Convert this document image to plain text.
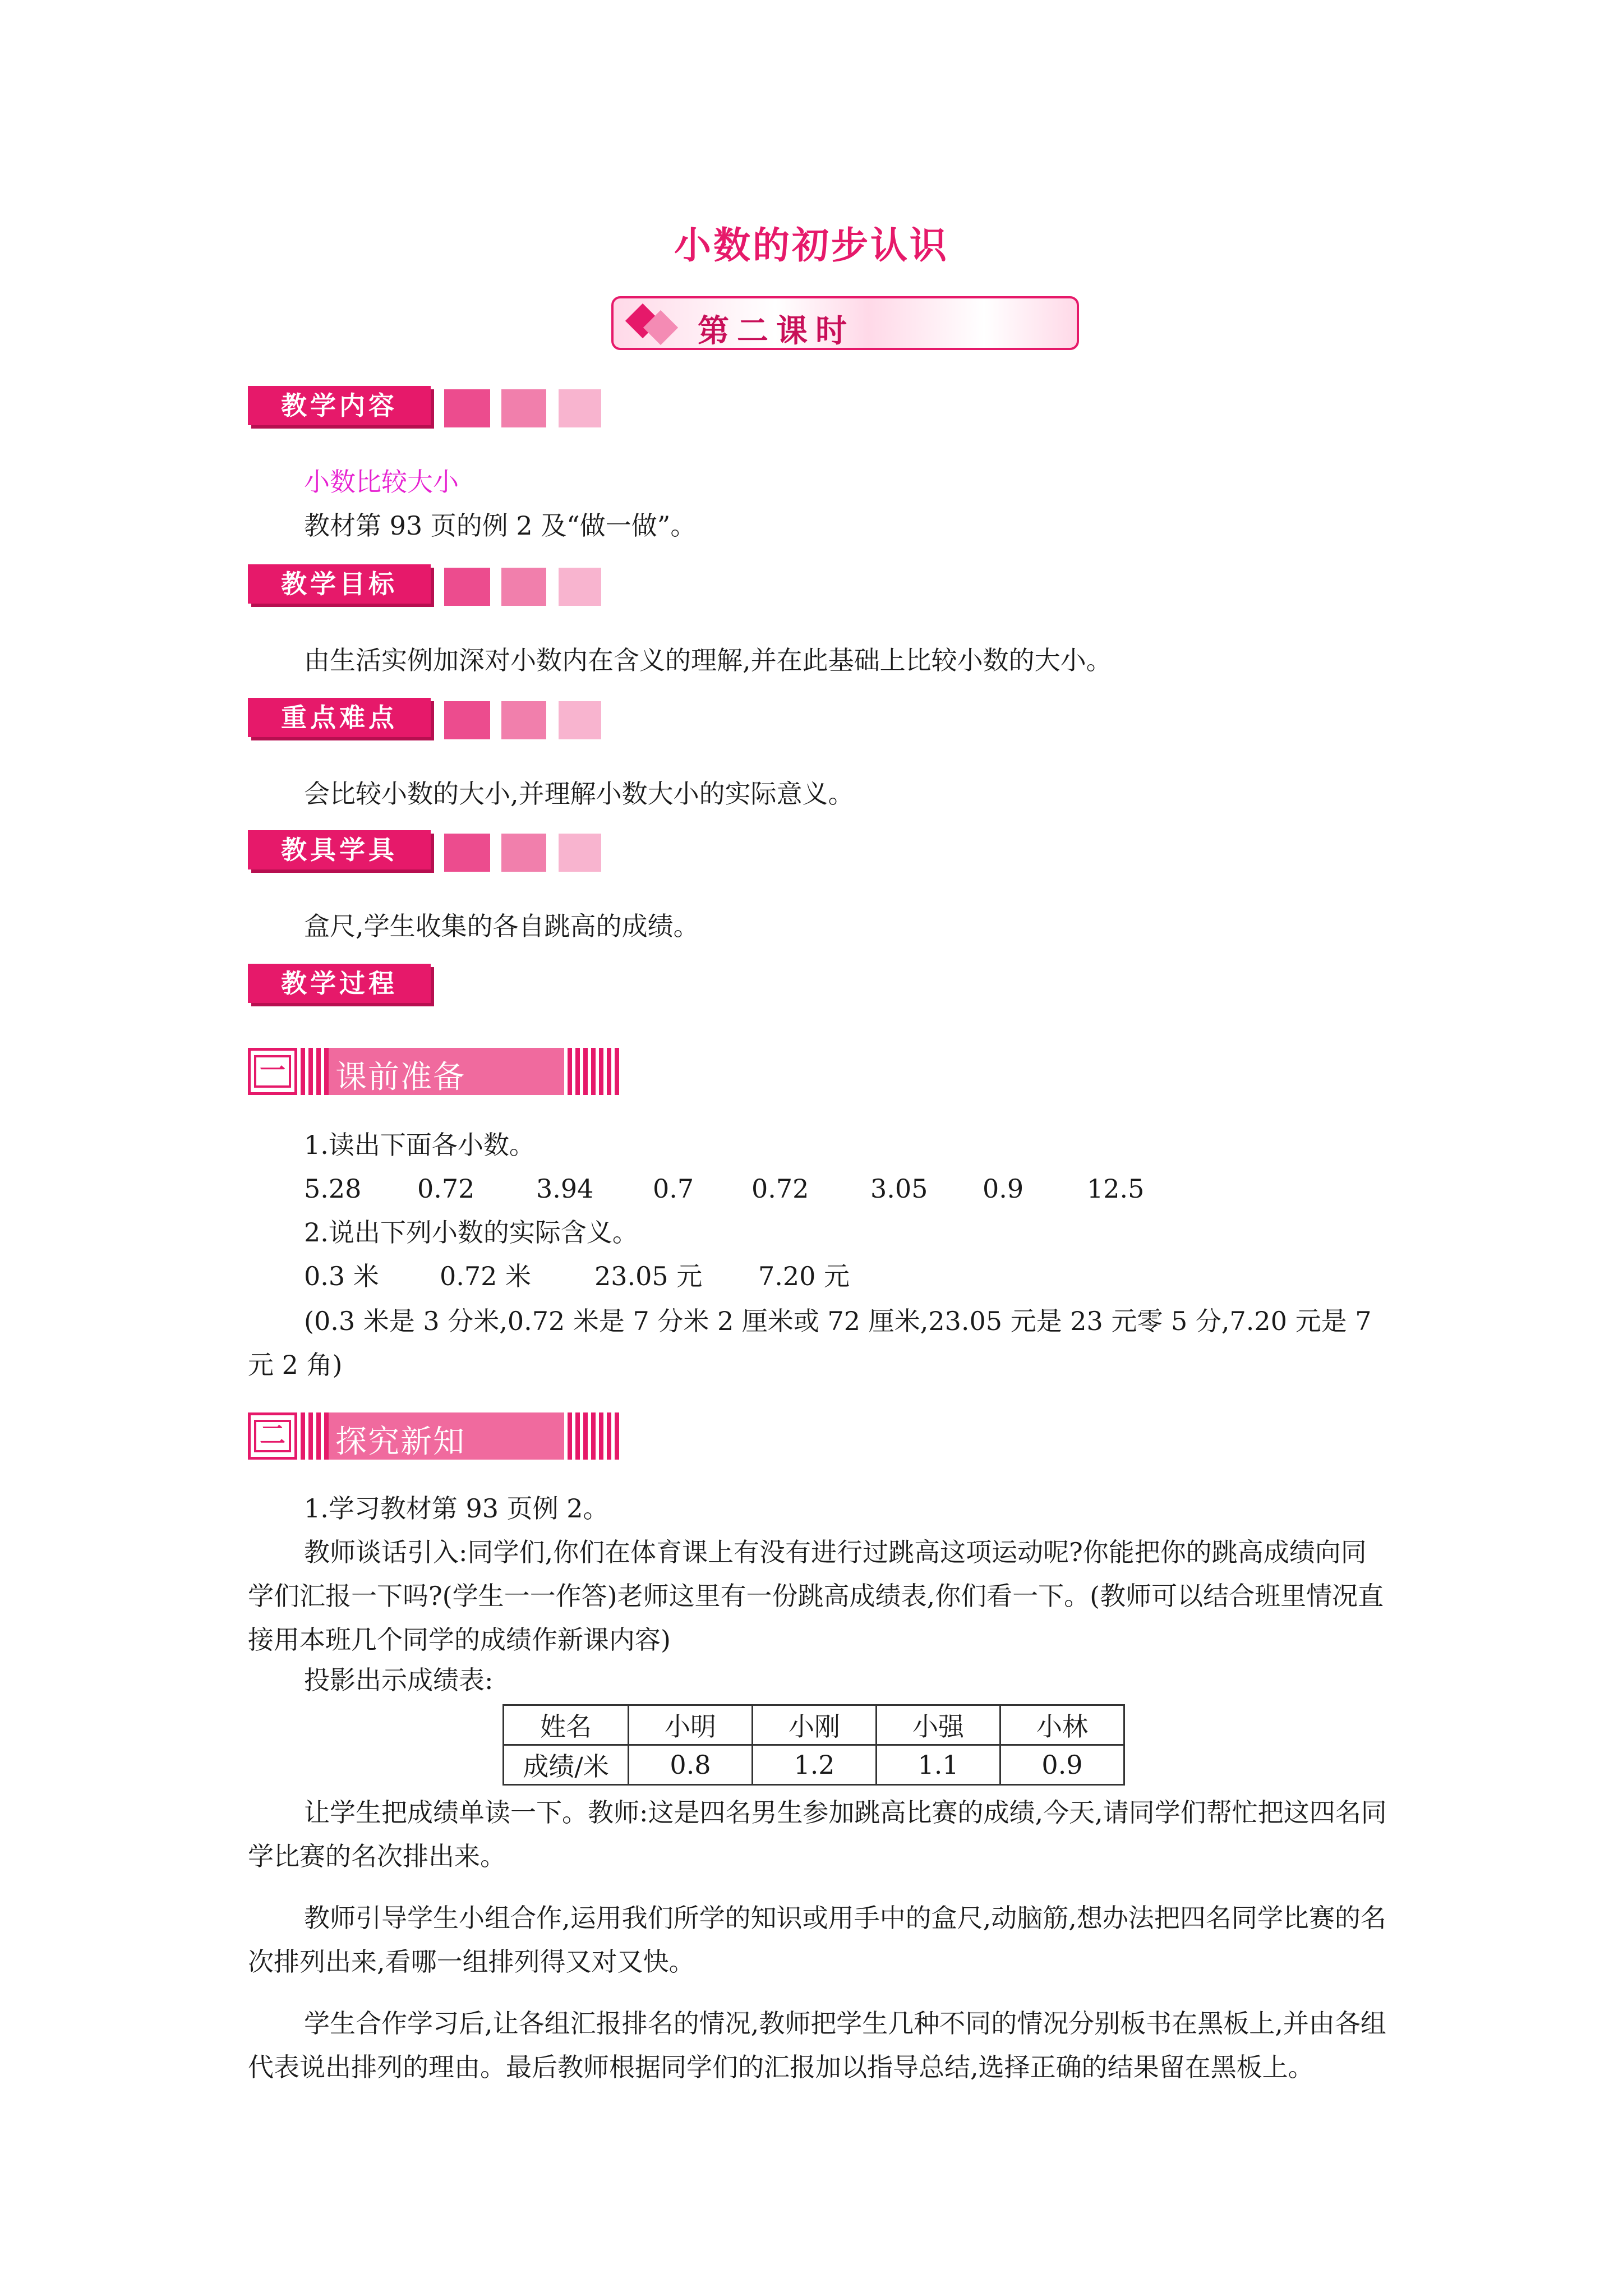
小数的初步认识
第二课时
教学内容
小数比较大小
教材第 93 页的例 2 及“做一做”。
教学目标
由生活实例加深对小数内在含义的理解,并在此基础上比较小数的大小。
重点难点
会比较小数的大小,并理解小数大小的实际意义。
教具学具
盒尺,学生收集的各自跳高的成绩。
教学过程
一 课前准备
1.读出下面各小数。
5.28 0.72 3.94 0.7 0.72 3.05 0.9 12.5
2.说出下列小数的实际含义。
0.3 米 0.72 米 23.05 元 7.20 元
(0.3 米是 3 分米,0.72 米是 7 分米 2 厘米或 72 厘米,23.05 元是 23 元零 5 分,7.20 元是 7 元 2 角)
二 探究新知
1.学习教材第 93 页例 2。
教师谈话引入:同学们,你们在体育课上有没有进行过跳高这项运动呢?你能把你的跳高成绩向同学们汇报一下吗?(学生一一作答)老师这里有一份跳高成绩表,你们看一下。(教师可以结合班里情况直接用本班几个同学的成绩作新课内容)
投影出示成绩表:
姓名	小明	小刚	小强	小林
成绩/米	0.8	1.2	1.1	0.9
让学生把成绩单读一下。教师:这是四名男生参加跳高比赛的成绩,今天,请同学们帮忙把这四名同学比赛的名次排出来。
教师引导学生小组合作,运用我们所学的知识或用手中的盒尺,动脑筋,想办法把四名同学比赛的名次排列出来,看哪一组排列得又对又快。
学生合作学习后,让各组汇报排名的情况,教师把学生几种不同的情况分别板书在黑板上,并由各组代表说出排列的理由。最后教师根据同学们的汇报加以指导总结,选择正确的结果留在黑板上。
